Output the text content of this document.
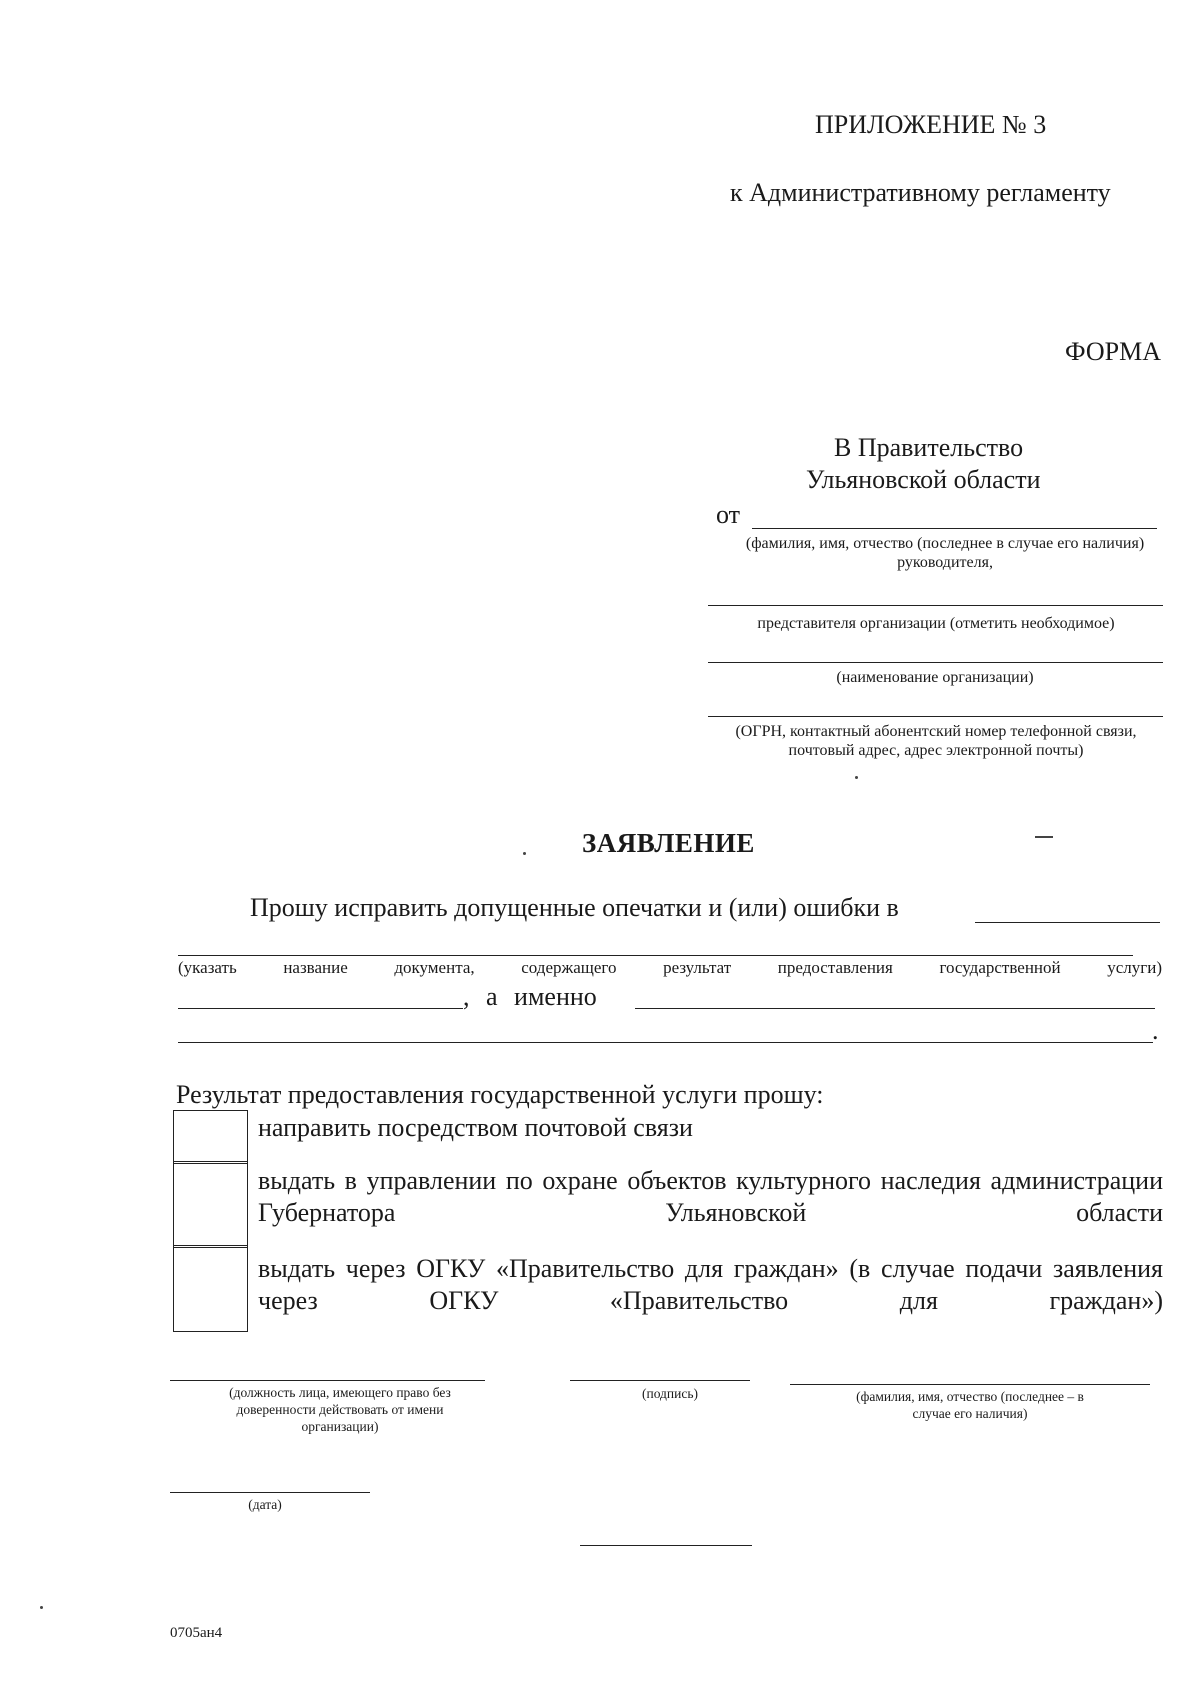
ПРИЛОЖЕНИЕ № 3
к Административному регламенту
ФОРМА
В Правительство
Ульяновской области
от
(фамилия, имя, отчество (последнее в случае его наличия) руководителя,
представителя организации (отметить необходимое)
(наименование организации)
(ОГРН, контактный абонентский номер телефонной связи, почтовый адрес, адрес электронной почты)
ЗАЯВЛЕНИЕ
Прошу исправить допущенные опечатки и (или) ошибки в
(указать	название	документа,	содержащего	результат	предоставления	государственной	услуги)
, а именно
.
Результат предоставления государственной услуги прошу:
направить посредством почтовой связи
выдать в управлении по охране объектов культурного наследия администрации Губернатора Ульяновской области
выдать через ОГКУ «Правительство для граждан» (в случае подачи заявления через ОГКУ «Правительство для граждан»)
(должность лица, имеющего право без доверенности действовать от имени организации)
(подпись)	(фамилия, имя, отчество (последнее – в случае его наличия)
(дата)
0705ан4
